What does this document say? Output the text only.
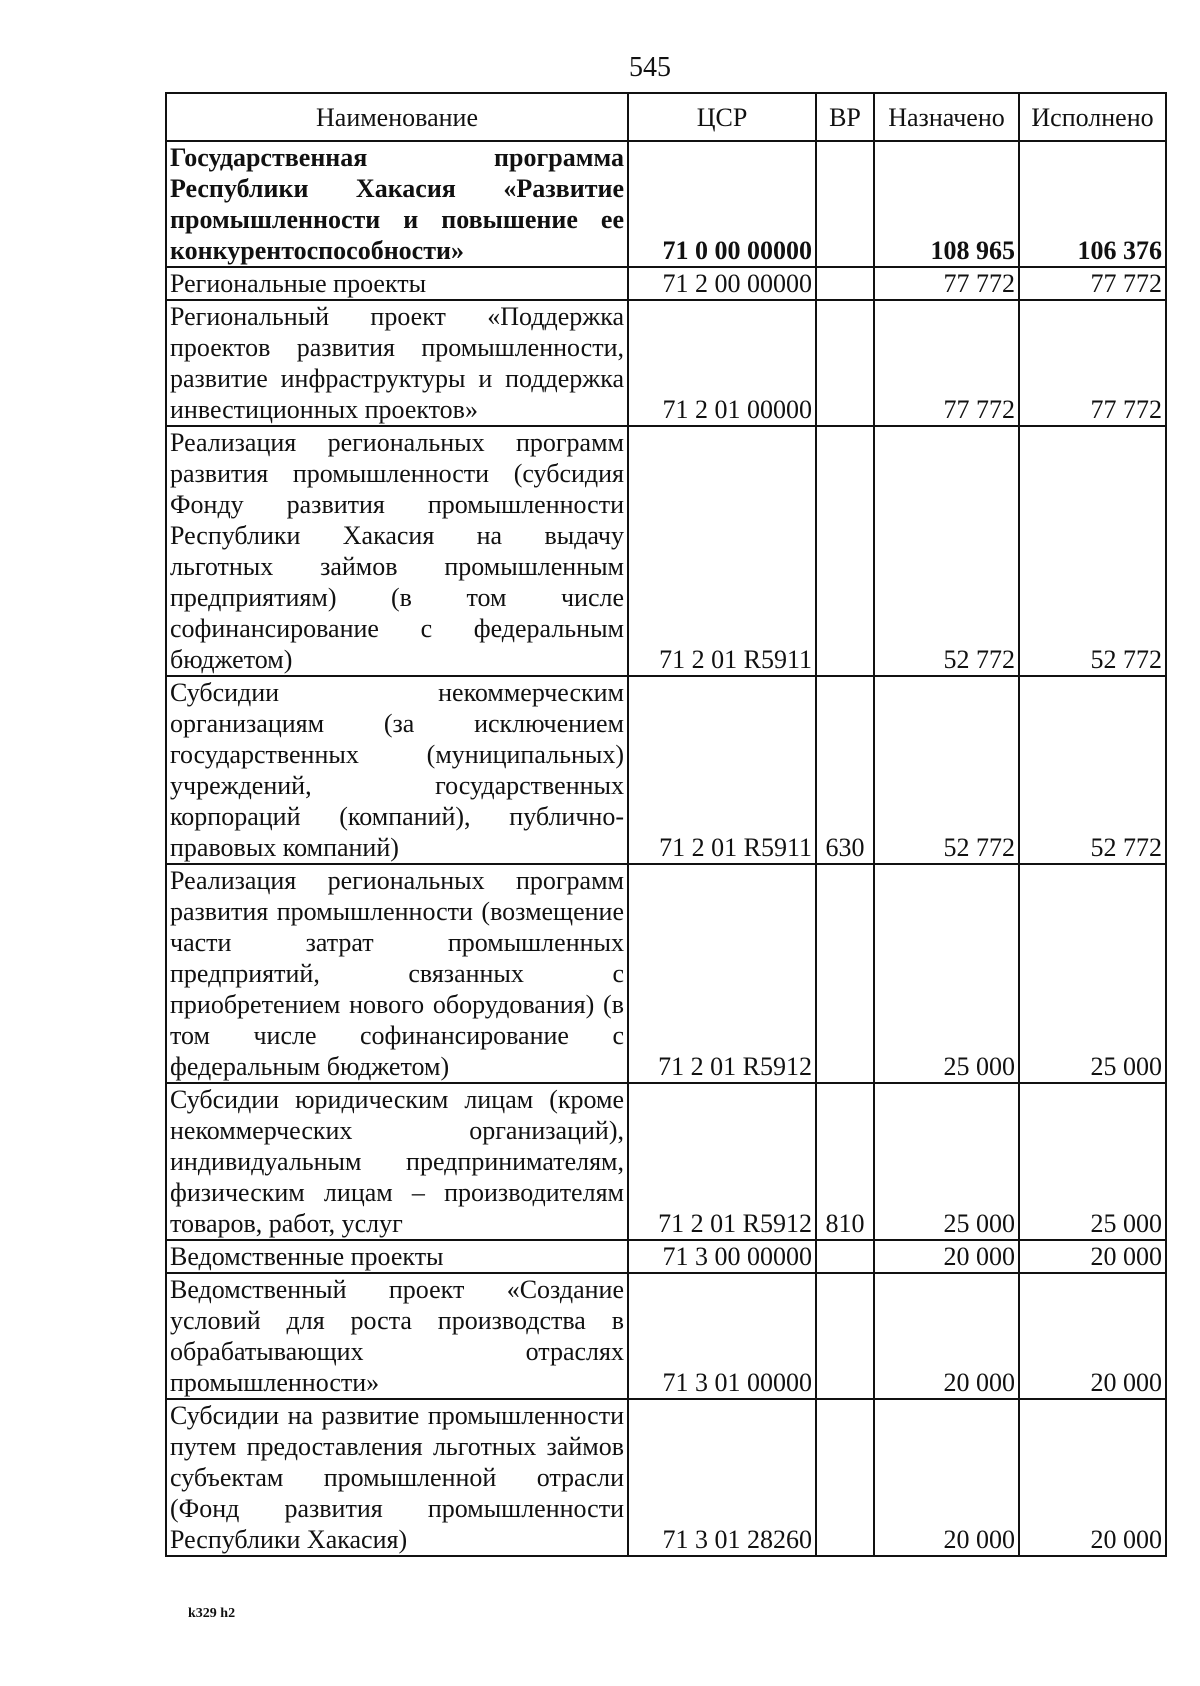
545
Наименование	ЦСР	ВР	Назначено	Исполнено
Государственная программа Республики Хакасия «Развитие промышленности и повышение ее конкурентоспособности»	71 0 00 00000		108 965	106 376
Региональные проекты	71 2 00 00000		77 772	77 772
Региональный проект «Поддержка проектов развития промышленности, развитие инфраструктуры и поддержка инвестиционных проектов»	71 2 01 00000		77 772	77 772
Реализация региональных программ развития промышленности (субсидия Фонду развития промышленности Республики Хакасия на выдачу льготных займов промышленным предприятиям) (в том числе софинансирование с федеральным бюджетом)	71 2 01 R5911		52 772	52 772
Субсидии некоммерческим организациям (за исключением государственных (муниципальных) учреждений, государственных корпораций (компаний), публично-правовых компаний)	71 2 01 R5911	630	52 772	52 772
Реализация региональных программ развития промышленности (возмещение части затрат промышленных предприятий, связанных с приобретением нового оборудования) (в том числе софинансирование с федеральным бюджетом)	71 2 01 R5912		25 000	25 000
Субсидии юридическим лицам (кроме некоммерческих организаций), индивидуальным предпринимателям, физическим лицам – производителям товаров, работ, услуг	71 2 01 R5912	810	25 000	25 000
Ведомственные проекты	71 3 00 00000		20 000	20 000
Ведомственный проект «Создание условий для роста производства в обрабатывающих отраслях промышленности»	71 3 01 00000		20 000	20 000
Субсидии на развитие промышленности путем предоставления льготных займов субъектам промышленной отрасли (Фонд развития промышленности Республики Хакасия)	71 3 01 28260		20 000	20 000
k329 h2
